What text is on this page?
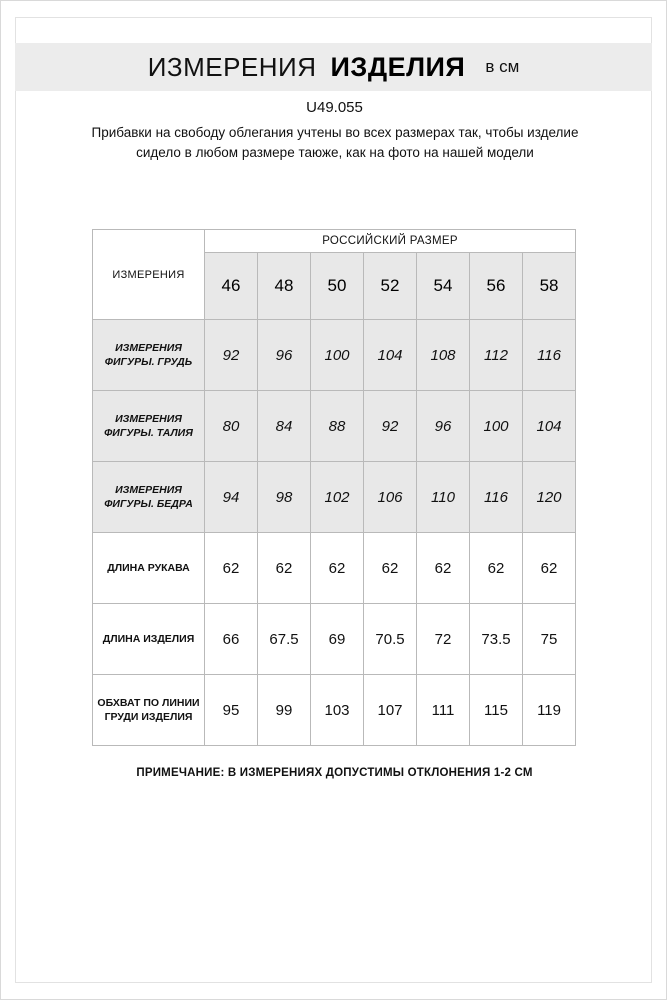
ИЗМЕРЕНИЯ ИЗДЕЛИЯ	в см
U49.055
Прибавки на свободу облегания учтены во всех размерах так, чтобы изделие сидело в любом размере таюже, как на фото на нашей модели
ИЗМЕРЕНИЯ	РОССИЙСКИЙ РАЗМЕР						
	46	48	50	52	54	56	58
ИЗМЕРЕНИЯ ФИГУРЫ. ГРУДЬ	92	96	100	104	108	112	116
ИЗМЕРЕНИЯ ФИГУРЫ. ТАЛИЯ	80	84	88	92	96	100	104
ИЗМЕРЕНИЯ ФИГУРЫ. БЕДРА	94	98	102	106	110	116	120
ДЛИНА РУКАВА	62	62	62	62	62	62	62
ДЛИНА ИЗДЕЛИЯ	66	67.5	69	70.5	72	73.5	75
ОБХВАТ ПО ЛИНИИ ГРУДИ ИЗДЕЛИЯ	95	99	103	107	111	115	119
ПРИМЕЧАНИЕ: В ИЗМЕРЕНИЯХ ДОПУСТИМЫ ОТКЛОНЕНИЯ 1-2 СМ
